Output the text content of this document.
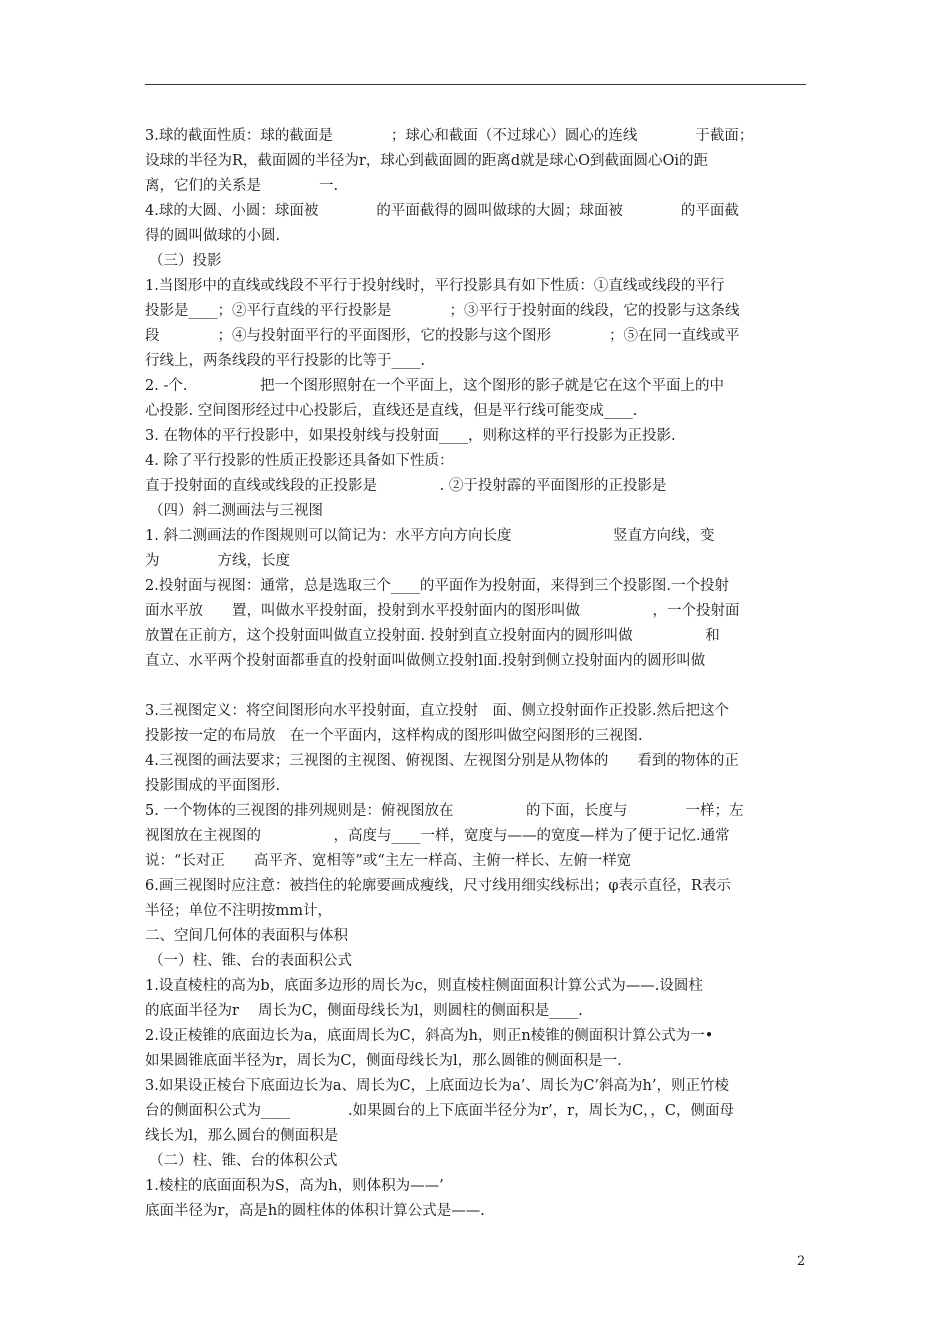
3.球的截面性质：球的截面是　　　　；球心和截面（不过球心）圆心的连线　　　　于截面；
设球的半径为R，截面圆的半径为r，球心到截面圆的距离d就是球心O到截面圆心Oi的距
离，它们的关系是　　　　一.
4.球的大圆、小圆：球面被　　　　的平面截得的圆叫做球的大圆；球面被　　　　的平面截
得的圆叫做球的小圆.
（三）投影
1.当图形中的直线或线段不平行于投射线时，平行投影具有如下性质：①直线或线段的平行
投影是____；②平行直线的平行投影是　　　　；③平行于投射面的线段，它的投影与这条线
段　　　　；④与投射面平行的平面图形，它的投影与这个图形　　　　；⑤在同一直线或平
行线上，两条线段的平行投影的比等于____.
2. -个.　　　　　把一个图形照射在一个平面上，这个图形的影子就是它在这个平面上的中
心投影. 空间图形经过中心投影后，直线还是直线，但是平行线可能变成____.
3. 在物体的平行投影中，如果投射线与投射面____，则称这样的平行投影为正投影.
4. 除了平行投影的性质正投影还具备如下性质：
直于投射面的直线或线段的正投影是　　　　 . ②于投射霹的平面图形的正投影是
（四）斜二测画法与三视图
1. 斜二测画法的作图规则可以简记为：水平方向方向长度　　　　　　　竖直方向线，变
为　　　　方线，长度
2.投射面与视图：通常，总是选取三个____的平面作为投射面，来得到三个投影图.一个投射
面水平放　　置，叫做水平投射面，投射到水平投射面内的图形叫做　　　　　，一个投射面
放置在正前方，这个投射面叫做直立投射面. 投射到直立投射面内的圆形叫做　　　　　和
直立、水平两个投射面都垂直的投射面叫做侧立投射l面.投射到侧立投射面内的圆形叫做
3.三视图定义：将空间图形向水平投射面，直立投射　面、侧立投射面作正投影.然后把这个
投影按一定的布局放　在一个平面内，这样构成的图形叫做空闷图形的三视图.
4.三视图的画法要求；三视图的主视图、俯视图、左视图分别是从物体的　　看到的物体的正
投影围成的平面图形.
5. 一个物体的三视图的排列规则是：俯视图放在　　　　　的下面，长度与　　　　一样；左
视图放在主视图的　　　　　，高度与____一样，宽度与——的宽度—样为了便于记忆.通常
说：“长对正　　高平齐、宽相等”或“主左一样高、主俯一样长、左俯一样宽
6.画三视图时应注意：被挡住的轮廓要画成瘦线，尺寸线用细实线标出；φ表示直径，R表示
半径；单位不注明按mm计，
二、空间几何体的表面积与体积
（一）柱、锥、台的表面积公式
1.设直棱柱的高为b，底面多边形的周长为c，则直棱柱侧面面积计算公式为——.设圆柱
的底面半径为r　 周长为C，侧面母线长为l，则圆柱的侧面积是____.
2.设正棱锥的底面边长为a，底面周长为C，斜高为h，则正n棱锥的侧面积计算公式为一•
如果圆锥底面半径为r，周长为C，侧面母线长为l，那么圆锥的侧面积是一.
3.如果设正棱台下底面边长为a、周长为C，上底面边长为a’、周长为C’斜高为h’，则正竹棱
台的侧面积公式为____　　　　.如果圆台的上下底面半径分为r’，r，周长为C，，C，侧面母
线长为l，那么圆台的侧面积是
（二）柱、锥、台的体积公式
1.棱柱的底面面积为S，高为h，则体积为——’
底面半径为r，高是h的圆柱体的体积计算公式是——.
2
